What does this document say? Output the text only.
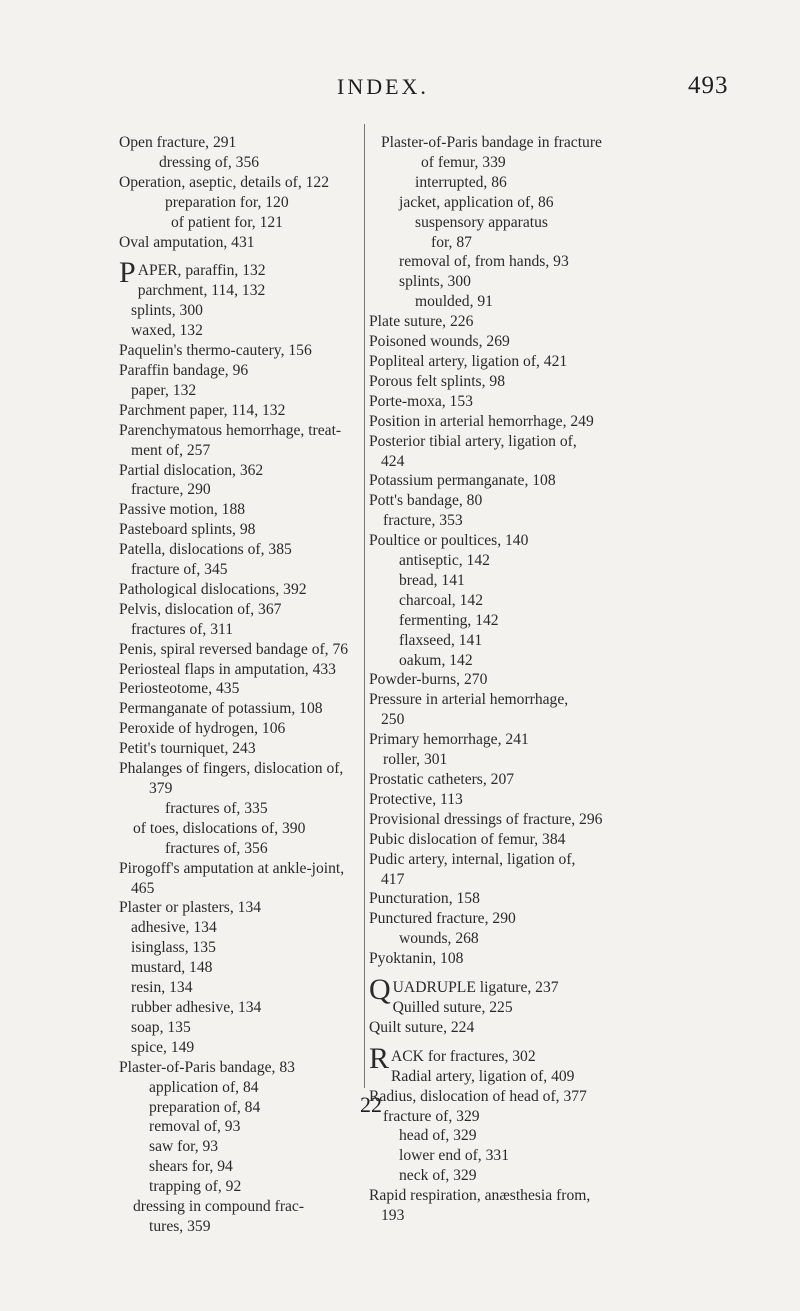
INDEX.	493
Open fracture, 291
dressing of, 356
Operation, aseptic, details of, 122
preparation for, 120
of patient for, 121
Oval amputation, 431
PAPER, paraffin, 132
parchment, 114, 132
splints, 300
waxed, 132
Paquelin's thermo-cautery, 156
Paraffin bandage, 96
paper, 132
Parchment paper, 114, 132
Parenchymatous hemorrhage, treat-
ment of, 257
Partial dislocation, 362
fracture, 290
Passive motion, 188
Pasteboard splints, 98
Patella, dislocations of, 385
fracture of, 345
Pathological dislocations, 392
Pelvis, dislocation of, 367
fractures of, 311
Penis, spiral reversed bandage of, 76
Periosteal flaps in amputation, 433
Periosteotome, 435
Permanganate of potassium, 108
Peroxide of hydrogen, 106
Petit's tourniquet, 243
Phalanges of fingers, dislocation of,
379
fractures of, 335
of toes, dislocations of, 390
fractures of, 356
Pirogoff's amputation at ankle-joint,
465
Plaster or plasters, 134
adhesive, 134
isinglass, 135
mustard, 148
resin, 134
rubber adhesive, 134
soap, 135
spice, 149
Plaster-of-Paris bandage, 83
application of, 84
preparation of, 84
removal of, 93
saw for, 93
shears for, 94
trapping of, 92
dressing in compound frac-
tures, 359
Plaster-of-Paris bandage in fracture
of femur, 339
interrupted, 86
jacket, application of, 86
suspensory apparatus
for, 87
removal of, from hands, 93
splints, 300
moulded, 91
Plate suture, 226
Poisoned wounds, 269
Popliteal artery, ligation of, 421
Porous felt splints, 98
Porte-moxa, 153
Position in arterial hemorrhage, 249
Posterior tibial artery, ligation of,
424
Potassium permanganate, 108
Pott's bandage, 80
fracture, 353
Poultice or poultices, 140
antiseptic, 142
bread, 141
charcoal, 142
fermenting, 142
flaxseed, 141
oakum, 142
Powder-burns, 270
Pressure in arterial hemorrhage,
250
Primary hemorrhage, 241
roller, 301
Prostatic catheters, 207
Protective, 113
Provisional dressings of fracture, 296
Pubic dislocation of femur, 384
Pudic artery, internal, ligation of,
417
Puncturation, 158
Punctured fracture, 290
wounds, 268
Pyoktanin, 108
QUADRUPLE ligature, 237
Quilled suture, 225
Quilt suture, 224
RACK for fractures, 302
Radial artery, ligation of, 409
Radius, dislocation of head of, 377
fracture of, 329
head of, 329
lower end of, 331
neck of, 329
Rapid respiration, anæsthesia from,
193
22
